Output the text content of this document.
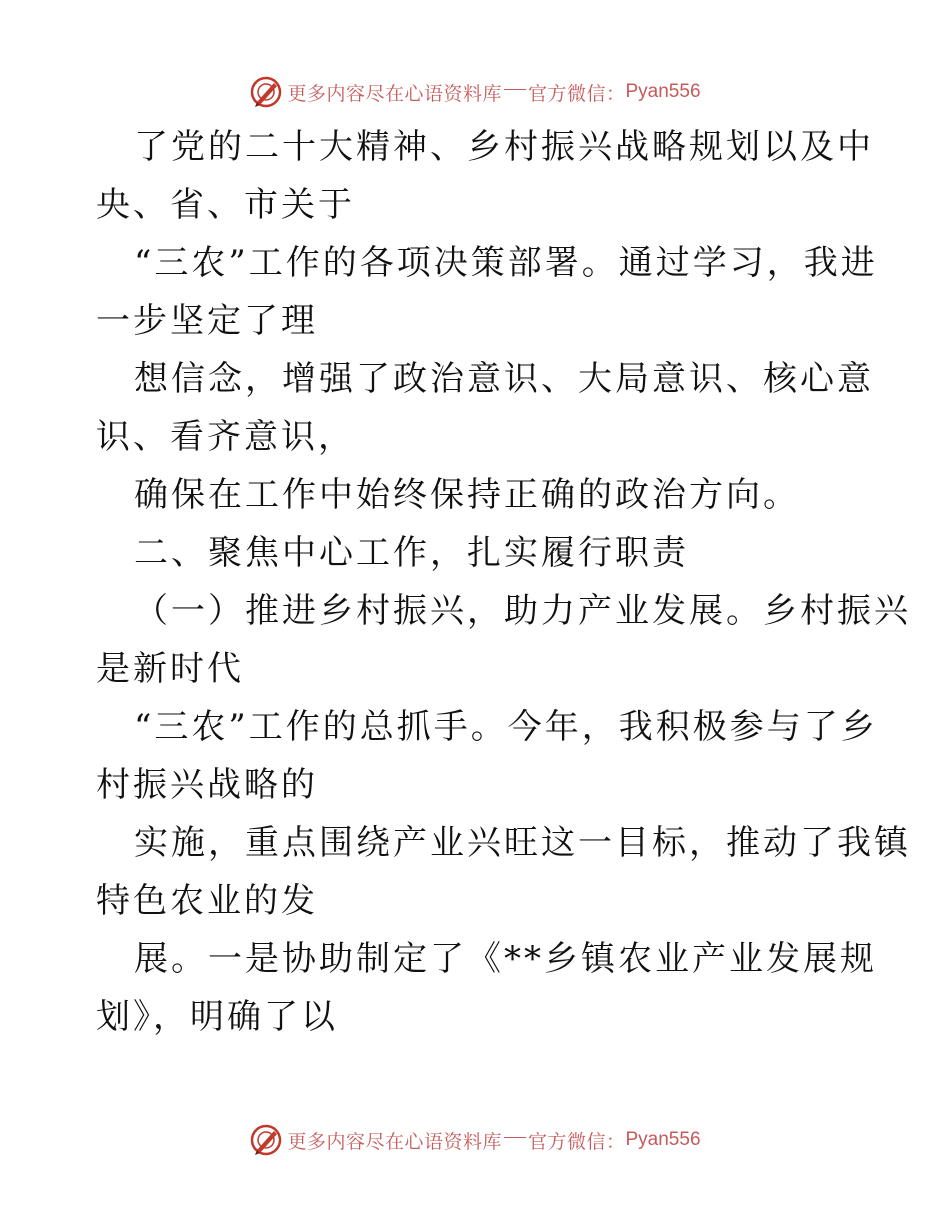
更多内容尽在心语资料库 官方微信： Pyan556
了党的二十大精神、乡村振兴战略规划以及中
央、省、市关于
“三农”工作的各项决策部署。通过学习，我进
一步坚定了理
想信念，增强了政治意识、大局意识、核心意
识、看齐意识，
确保在工作中始终保持正确的政治方向。
二、聚焦中心工作，扎实履行职责
（一）推进乡村振兴，助力产业发展。乡村振兴
是新时代
“三农”工作的总抓手。今年，我积极参与了乡
村振兴战略的
实施，重点围绕产业兴旺这一目标，推动了我镇
特色农业的发
展。一是协助制定了《**乡镇农业产业发展规
划》，明确了以
更多内容尽在心语资料库 官方微信： Pyan556
